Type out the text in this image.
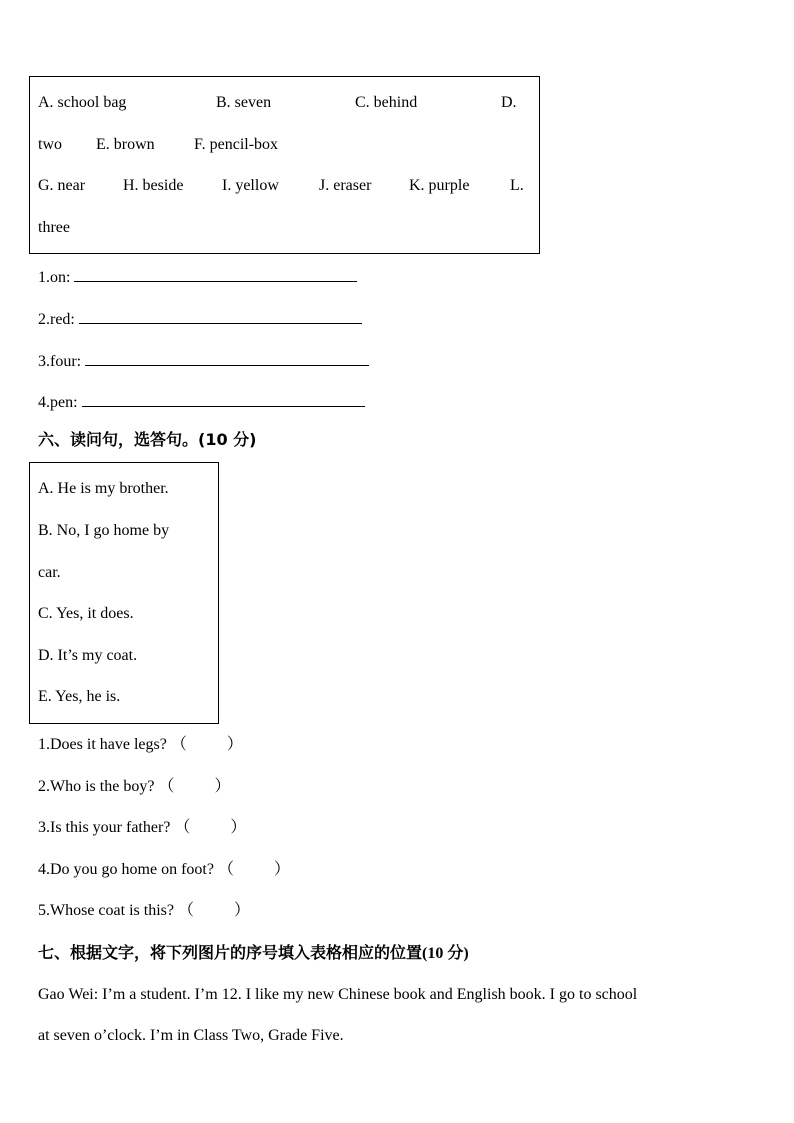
A. school bag	B. seven	C. behind	D.
two E. brown F. pencil-box
G. near H. beside I. yellow	J. eraser K. purple	L.
three
1.on:
2.red:
3.four:
4.pen:
六、读问句，选答句。(10 分)
A. He is my brother.
B. No, I go home by
car.
C. Yes, it does.
D. It’s my coat.
E. Yes, he is.
1.Does it have legs? （	）
2.Who is the boy? （	）
3.Is this your father? （	）
4.Do you go home on foot? （	）
5.Whose coat is this? （	）
七、根据文字，将下列图片的序号填入表格相应的位置(10 分)
Gao Wei: I’m a student. I’m 12. I like my new Chinese book and English book. I go to school
at seven o’clock. I’m in Class Two, Grade Five.
